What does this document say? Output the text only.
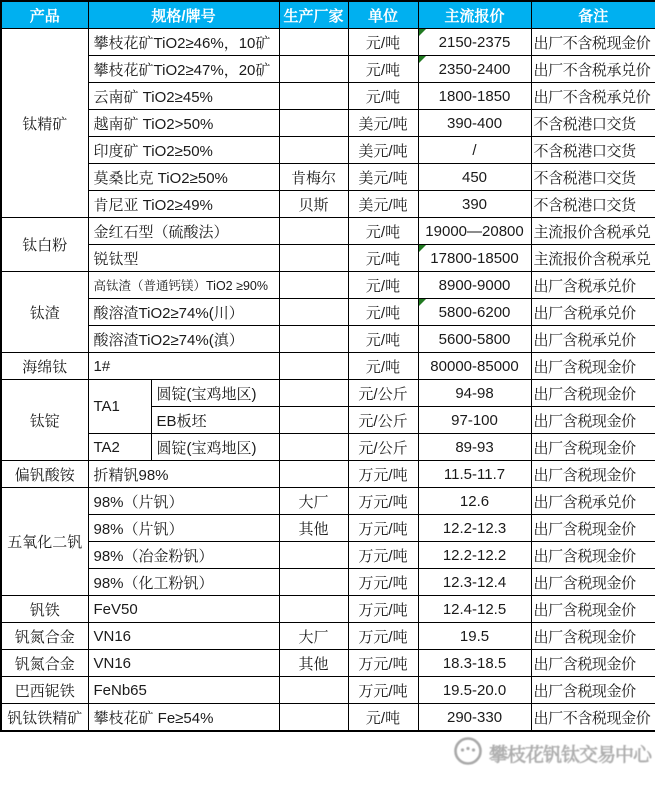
产品	规格/牌号		生产厂家	单位	主流报价	备注
钛精矿	攀枝花矿TiO2≥46%，10矿			元/吨	2150-2375	出厂不含税现金价
	攀枝花矿TiO2≥47%，20矿			元/吨	2350-2400	出厂不含税承兑价
	云南矿 TiO2≥45%			元/吨	1800-1850	出厂不含税承兑价
	越南矿 TiO2>50%			美元/吨	390-400	不含税港口交货
	印度矿 TiO2≥50%			美元/吨	/	不含税港口交货
	莫桑比克 TiO2≥50%		肯梅尔	美元/吨	450	不含税港口交货
	肯尼亚 TiO2≥49%		贝斯	美元/吨	390	不含税港口交货
钛白粉	金红石型（硫酸法）			元/吨	19000—20800	主流报价含税承兑
	锐钛型			元/吨	17800-18500	主流报价含税承兑
钛渣	高钛渣（普通钙镁）TiO2 ≥90%			元/吨	8900-9000	出厂含税承兑价
	酸溶渣TiO2≥74%(川）			元/吨	5800-6200	出厂含税承兑价
	酸溶渣TiO2≥74%(滇）			元/吨	5600-5800	出厂含税承兑价
海绵钛	1#			元/吨	80000-85000	出厂含税现金价
钛锭	TA1	圆锭(宝鸡地区)		元/公斤	94-98	出厂含税现金价
		EB板坯		元/公斤	97-100	出厂含税现金价
	TA2	圆锭(宝鸡地区)		元/公斤	89-93	出厂含税现金价
偏钒酸铵	折精钒98%			万元/吨	11.5-11.7	出厂含税现金价
五氧化二钒	98%（片钒）		大厂	万元/吨	12.6	出厂含税承兑价
	98%（片钒）		其他	万元/吨	12.2-12.3	出厂含税现金价
	98%（冶金粉钒）			万元/吨	12.2-12.2	出厂含税现金价
	98%（化工粉钒）			万元/吨	12.3-12.4	出厂含税现金价
钒铁	FeV50			万元/吨	12.4-12.5	出厂含税现金价
钒氮合金	VN16		大厂	万元/吨	19.5	出厂含税现金价
钒氮合金	VN16		其他	万元/吨	18.3-18.5	出厂含税现金价
巴西铌铁	FeNb65			万元/吨	19.5-20.0	出厂含税现金价
钒钛铁精矿	攀枝花矿 Fe≥54%			元/吨	290-330	出厂不含税现金价
攀枝花钒钛交易中心
